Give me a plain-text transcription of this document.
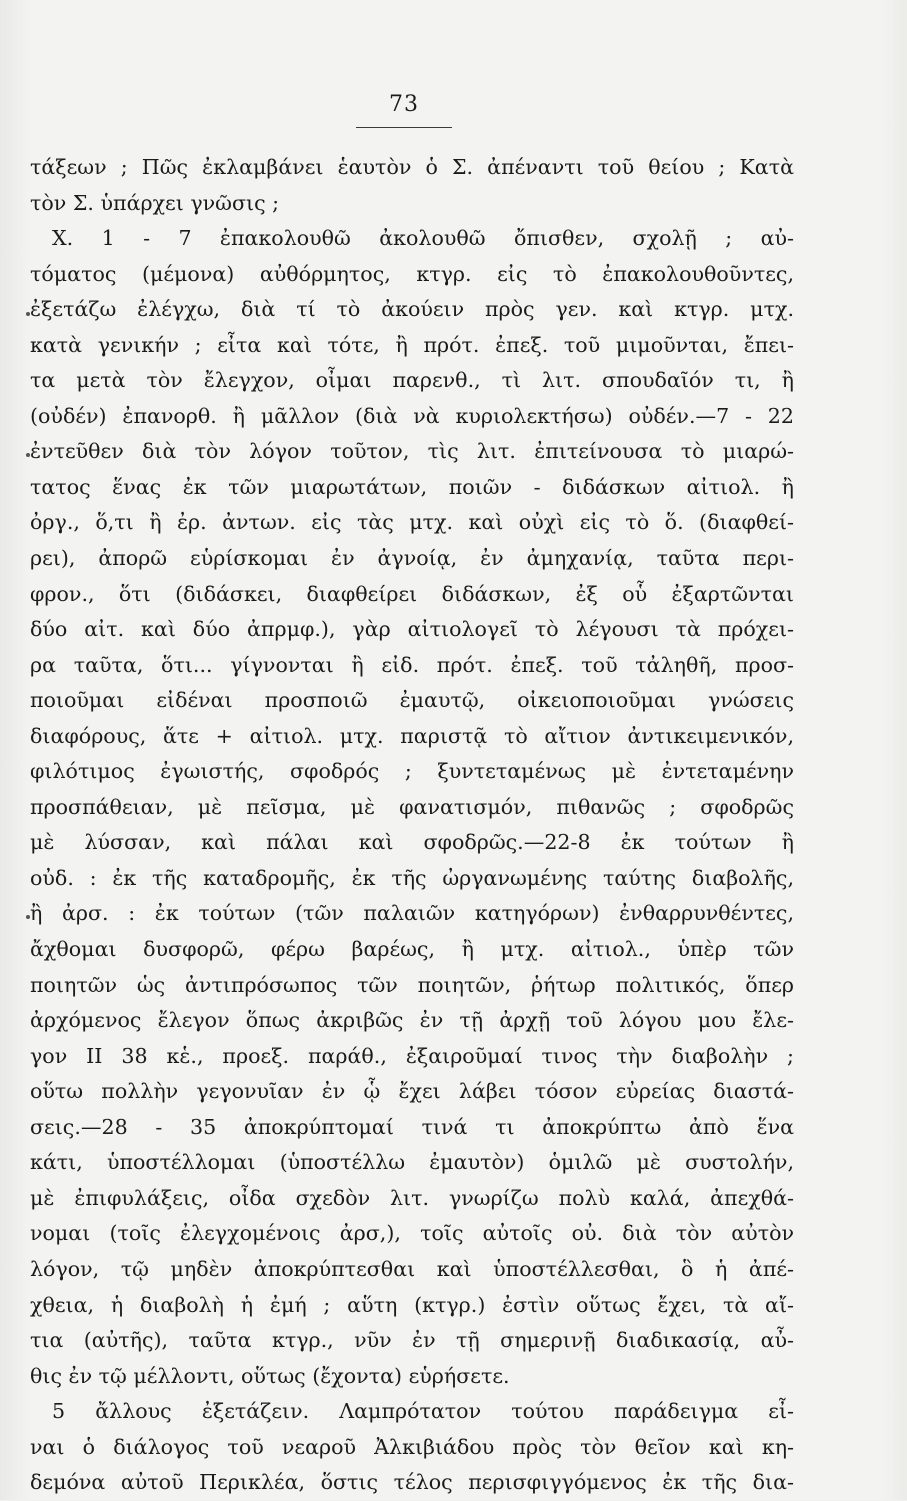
73
τάξεων ; Πῶς ἐκλαμβάνει ἑαυτὸν ὁ Σ. ἀπέναντι τοῦ θείου ; Κατὰ
τὸν Σ. ὑπάρχει γνῶσις ;
Χ. 1 - 7 ἐπακολουθῶ ἀκολουθῶ ὄπισθεν, σχολῇ ; αὐ-
τόματος (μέμονα) αὐθόρμητος, κτγρ. εἰς τὸ ἐπακολουθοῦντες,
ἐξετάζω ἐλέγχω, διὰ τί τὸ ἀκούειν πρὸς γεν. καὶ κτγρ. μτχ.
κατὰ γενικήν ; εἶτα καὶ τότε, ἢ πρότ. ἐπεξ. τοῦ μιμοῦνται, ἔπει-
τα μετὰ τὸν ἔλεγχον, οἶμαι παρενθ., τὶ λιτ. σπουδαῖόν τι, ἢ
(οὐδέν) ἐπανορθ. ἢ μᾶλλον (διὰ νὰ κυριολεκτήσω) οὐδέν.—7 - 22
ἐντεῦθεν διὰ τὸν λόγον τοῦτον, τὶς λιτ. ἐπιτείνουσα τὸ μιαρώ-
τατος ἕνας ἐκ τῶν μιαρωτάτων, ποιῶν - διδάσκων αἰτιολ. ἢ
ὀργ., ὅ,τι ἢ ἐρ. ἀντων. εἰς τὰς μτχ. καὶ οὐχὶ εἰς τὸ ὅ. (διαφθεί-
ρει), ἀπορῶ εὑρίσκομαι ἐν ἀγνοίᾳ, ἐν ἀμηχανίᾳ, ταῦτα περι-
φρον., ὅτι (διδάσκει, διαφθείρει διδάσκων, ἐξ οὗ ἐξαρτῶνται
δύο αἰτ. καὶ δύο ἀπρμφ.), γὰρ αἰτιολογεῖ τὸ λέγουσι τὰ πρόχει-
ρα ταῦτα, ὅτι... γίγνονται ἢ εἰδ. πρότ. ἐπεξ. τοῦ τἀληθῆ, προσ-
ποιοῦμαι εἰδέναι προσποιῶ ἐμαυτῷ, οἰκειοποιοῦμαι γνώσεις
διαφόρους, ἅτε + αἰτιολ. μτχ. παριστᾷ τὸ αἴτιον ἀντικειμενικόν,
φιλότιμος ἐγωιστής, σφοδρός ; ξυντεταμένως μὲ ἐντεταμένην
προσπάθειαν, μὲ πεῖσμα, μὲ φανατισμόν, πιθανῶς ; σφοδρῶς
μὲ λύσσαν, καὶ πάλαι καὶ σφοδρῶς.—22-8 ἐκ τούτων ἢ
οὐδ. : ἐκ τῆς καταδρομῆς, ἐκ τῆς ὠργανωμένης ταύτης διαβολῆς,
ἢ ἀρσ. : ἐκ τούτων (τῶν παλαιῶν κατηγόρων) ἐνθαρρυνθέντες,
ἄχθομαι δυσφορῶ, φέρω βαρέως, ἢ μτχ. αἰτιολ., ὑπὲρ τῶν
ποιητῶν ὡς ἀντιπρόσωπος τῶν ποιητῶν, ῥήτωρ πολιτικός, ὅπερ
ἀρχόμενος ἔλεγον ὅπως ἀκριβῶς ἐν τῇ ἀρχῇ τοῦ λόγου μου ἔλε-
γον II 38 κἑ., προεξ. παράθ., ἐξαιροῦμαί τινος τὴν διαβολὴν ;
οὕτω πολλὴν γεγονυῖαν ἐν ᾧ ἔχει λάβει τόσον εὐρείας διαστά-
σεις.—28 - 35 ἀποκρύπτομαί τινά τι ἀποκρύπτω ἀπὸ ἕνα
κάτι, ὑποστέλλομαι (ὑποστέλλω ἐμαυτὸν) ὁμιλῶ μὲ συστολήν,
μὲ ἐπιφυλάξεις, οἶδα σχεδὸν λιτ. γνωρίζω πολὺ καλά, ἀπεχθά-
νομαι (τοῖς ἐλεγχομένοις ἀρσ,), τοῖς αὐτοῖς οὐ. διὰ τὸν αὐτὸν
λόγον, τῷ μηδὲν ἀποκρύπτεσθαι καὶ ὑποστέλλεσθαι, ὃ ἡ ἀπέ-
χθεια, ἡ διαβολὴ ἡ ἐμή ; αὕτη (κτγρ.) ἐστὶν οὕτως ἔχει, τὰ αἴ-
τια (αὐτῆς), ταῦτα κτγρ., νῦν ἐν τῇ σημερινῇ διαδικασίᾳ, αὖ-
θις ἐν τῷ μέλλοντι, οὕτως (ἔχοντα) εὑρήσετε.
5 ἄλλους ἐξετάζειν. Λαμπρότατον τούτου παράδειγμα εἶ-
ναι ὁ διάλογος τοῦ νεαροῦ Ἀλκιβιάδου πρὸς τὸν θεῖον καὶ κη-
δεμόνα αὐτοῦ Περικλέα, ὅστις τέλος περισφιγγόμενος ἐκ τῆς δια-
